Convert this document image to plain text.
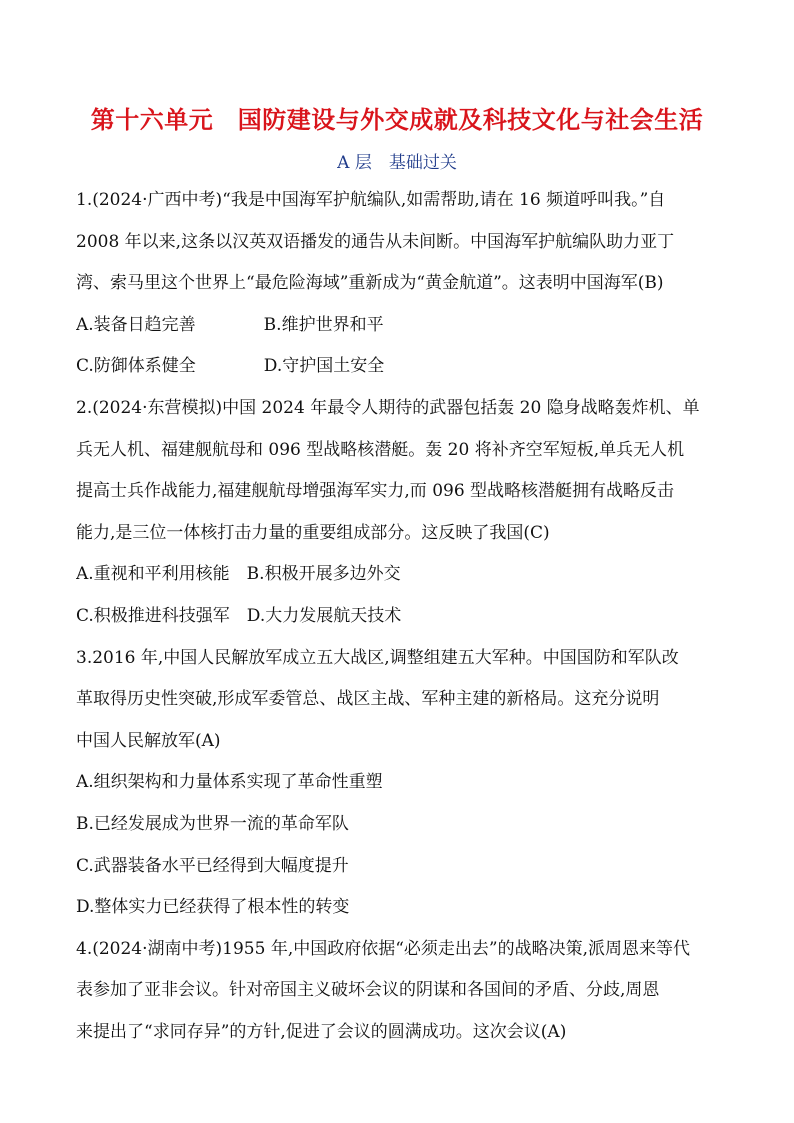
第十六单元　国防建设与外交成就及科技文化与社会生活
A 层　基础过关
1.(2024·广西中考)“我是中国海军护航编队,如需帮助,请在 16 频道呼叫我。”自
2008 年以来,这条以汉英双语播发的通告从未间断。中国海军护航编队助力亚丁
湾、索马里这个世界上“最危险海域”重新成为“黄金航道”。这表明中国海军(B)
A.装备日趋完善　　　　B.维护世界和平
C.防御体系健全　　　　D.守护国土安全
2.(2024·东营模拟)中国 2024 年最令人期待的武器包括轰 20 隐身战略轰炸机、单
兵无人机、福建舰航母和 096 型战略核潜艇。轰 20 将补齐空军短板,单兵无人机
提高士兵作战能力,福建舰航母增强海军实力,而 096 型战略核潜艇拥有战略反击
能力,是三位一体核打击力量的重要组成部分。这反映了我国(C)
A.重视和平利用核能　B.积极开展多边外交
C.积极推进科技强军　D.大力发展航天技术
3.2016 年,中国人民解放军成立五大战区,调整组建五大军种。中国国防和军队改
革取得历史性突破,形成军委管总、战区主战、军种主建的新格局。这充分说明
中国人民解放军(A)
A.组织架构和力量体系实现了革命性重塑
B.已经发展成为世界一流的革命军队
C.武器装备水平已经得到大幅度提升
D.整体实力已经获得了根本性的转变
4.(2024·湖南中考)1955 年,中国政府依据“必须走出去”的战略决策,派周恩来等代
表参加了亚非会议。针对帝国主义破坏会议的阴谋和各国间的矛盾、分歧,周恩
来提出了“求同存异”的方针,促进了会议的圆满成功。这次会议(A)
